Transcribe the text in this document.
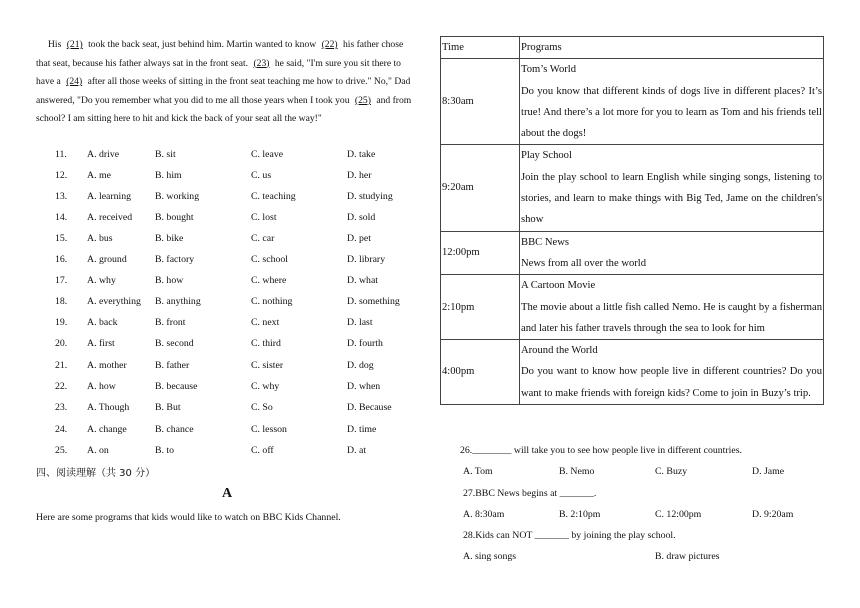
His (21) took the back seat, just behind him. Martin wanted to know (22) his father chose that seat, because his father always sat in the front seat. (23) he said, "I'm sure you sit there to have a (24) after all those weeks of sitting in the front seat teaching me how to drive." No," Dad answered, "Do you remember what you did to me all those years when I took you (25) and from school? I am sitting here to hit and kick the back of your seat all the way!"

11. A. drive	B. sit	C. leave	D. take
12. A. me	B. him	C. us	D. her
13. A. learning B. working	C. teaching	D. studying
14. A. received B. bought	C. lost	D. sold
15. A. bus	B. bike	C. car	D. pet
16. A. ground	B. factory	C. school	D. library
17. A. why	B. how	C. where	D. what
18. A. everything B. anything	C. nothing	D. something
19. A. back	B. front	C. next	D. last
20. A. first	B. second	C. third	D. fourth
21. A. mother	B. father	C. sister	D. dog
22. A. how	B. because	C. why	D. when
23. A. Though	B. But	C. So	D. Because
24. A. change	B. chance	C. lesson	D. time
25. A. on	B. to	C. off	D. at
四、阅读理解（共 30 分）
A
Here are some programs that kids would like to watch on BBC Kids Channel.
Time	Programs
8:30am	Tom’s World
Do you know that different kinds of dogs live in different places? It’s true! And there’s a lot more for you to learn as Tom and his friends tell about the dogs!

9:20am	Play School
Join the play school to learn English while singing songs, listening to stories, and learn to make things with Big Ted, Jame on the children's show

12:00pm	BBC News
News from all over the world

2:10pm	A Cartoon Movie
The movie about a little fish called Nemo. He is caught by a fisherman and later his father travels through the sea to look for him

4:00pm	Around the World
Do you want to know how people live in different countries? Do you want to make friends with foreign kids? Come to join in Buzy’s trip.
26.________ will take you to see how people live in different countries.
A. Tom	B. Nemo	C. Buzy	D. Jame
27.BBC News begins at _______.
A. 8:30am	B. 2:10pm	C. 12:00pm	D. 9:20am
28.Kids can NOT _______ by joining the play school.
A. sing songs	B. draw pictures
